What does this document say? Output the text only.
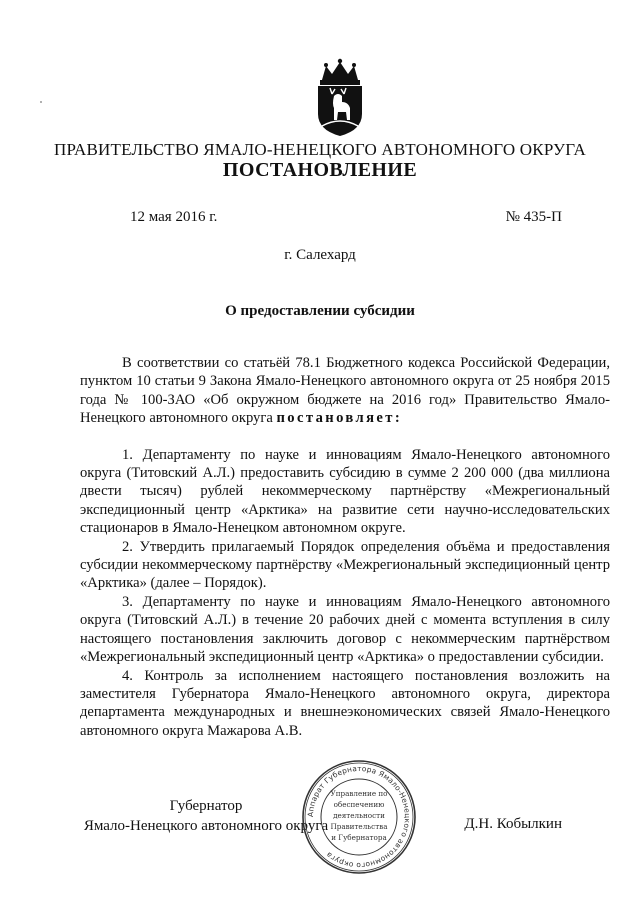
ПРАВИТЕЛЬСТВО ЯМАЛО-НЕНЕЦКОГО АВТОНОМНОГО ОКРУГА
ПОСТАНОВЛЕНИЕ
12 мая 2016 г.	№ 435-П
г. Салехард
О предоставлении субсидии

В соответствии со статьёй 78.1 Бюджетного кодекса Российской Федерации, пунктом 10 статьи 9 Закона Ямало-Ненецкого автономного округа от 25 ноября 2015 года № 100-ЗАО «Об окружном бюджете на 2016 год» Правительство Ямало-Ненецкого автономного округа постановляет:

1. Департаменту по науке и инновациям Ямало-Ненецкого автономного округа (Титовский А.Л.) предоставить субсидию в сумме 2 200 000 (два миллиона двести тысяч) рублей некоммерческому партнёрству «Межрегиональный экспедиционный центр «Арктика» на развитие сети научно-исследовательских стационаров в Ямало-Ненецком автономном округе.

2. Утвердить прилагаемый Порядок определения объёма и предоставления субсидии некоммерческому партнёрству «Межрегиональный экспедиционный центр «Арктика» (далее – Порядок).

3. Департаменту по науке и инновациям Ямало-Ненецкого автономного округа (Титовский А.Л.) в течение 20 рабочих дней с момента вступления в силу настоящего постановления заключить договор с некоммерческим партнёрством «Межрегиональный экспедиционный центр «Арктика» о предоставлении субсидии.

4. Контроль за исполнением настоящего постановления возложить на заместителя Губернатора Ямало-Ненецкого автономного округа, директора департамента международных и внешнеэкономических связей Ямало-Ненецкого автономного округа Мажарова А.В.

Губернатор
Ямало-Ненецкого автономного округа	Д.Н. Кобылкин
Аппарат Губернатора Ямало-Ненецкого автономного округа
Управление по
обеспечению
деятельности
Правительства
и Губернатора
